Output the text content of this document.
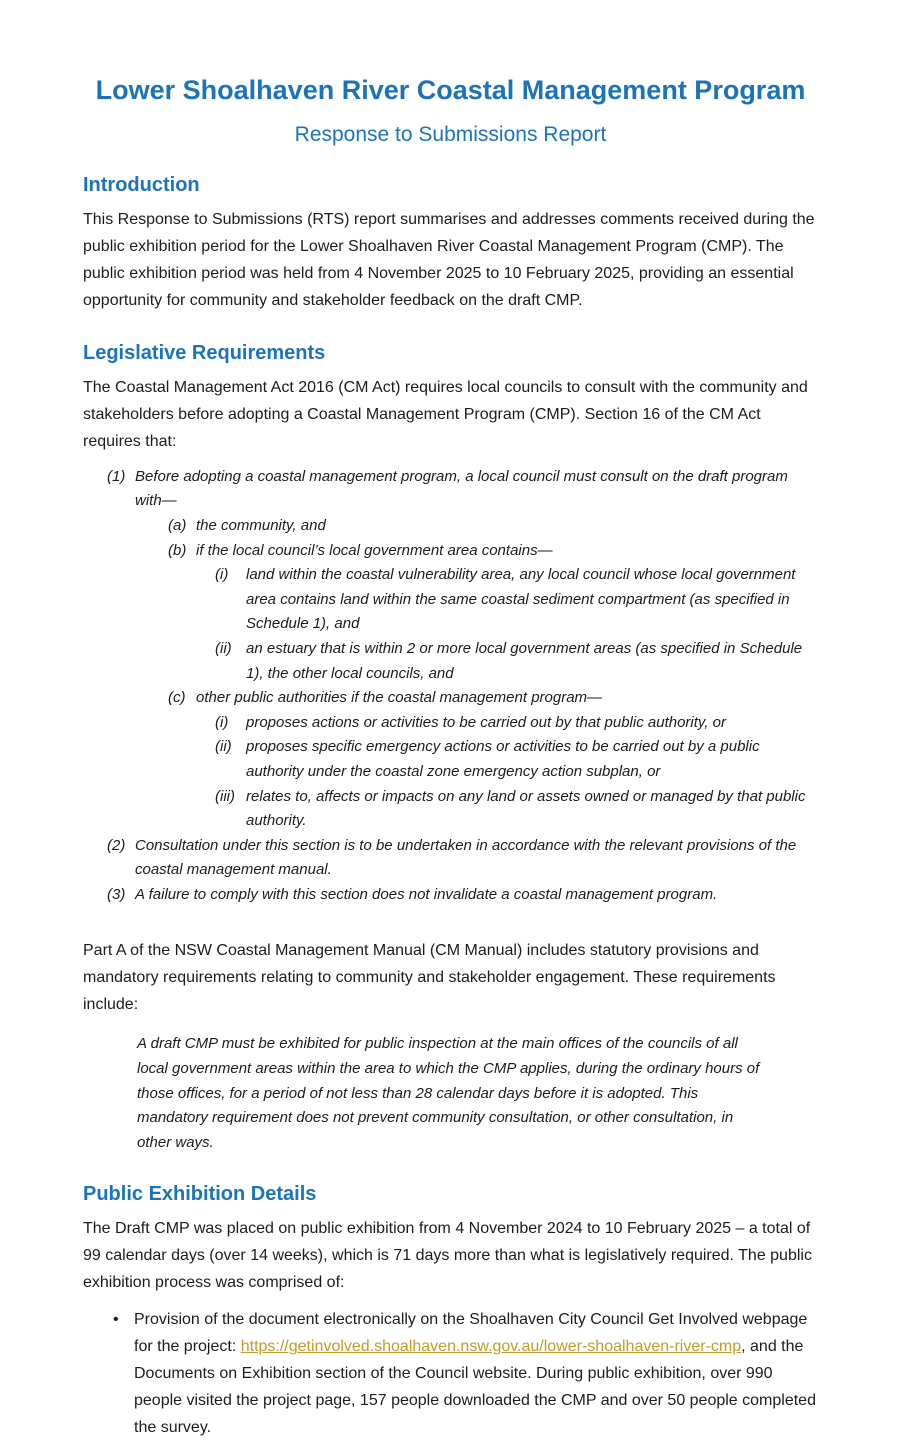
Lower Shoalhaven River Coastal Management Program
Response to Submissions Report
Introduction

This Response to Submissions (RTS) report summarises and addresses comments received during the public exhibition period for the Lower Shoalhaven River Coastal Management Program (CMP). The public exhibition period was held from 4 November 2025 to 10 February 2025, providing an essential opportunity for community and stakeholder feedback on the draft CMP.

Legislative Requirements

The Coastal Management Act 2016 (CM Act) requires local councils to consult with the community and stakeholders before adopting a Coastal Management Program (CMP). Section 16 of the CM Act requires that:

(1) Before adopting a coastal management program, a local council must consult on the draft program with—
(a) the community, and
(b) if the local council’s local government area contains—
(i)	land within the coastal vulnerability area, any local council whose local government area contains land within the same coastal sediment compartment (as specified in Schedule 1), and
(ii) an estuary that is within 2 or more local government areas (as specified in Schedule 1), the other local councils, and
(c) other public authorities if the coastal management program—
(i)	proposes actions or activities to be carried out by that public authority, or
(ii) proposes specific emergency actions or activities to be carried out by a public authority under the coastal zone emergency action subplan, or
(iii) relates to, affects or impacts on any land or assets owned or managed by that public authority.
(2) Consultation under this section is to be undertaken in accordance with the relevant provisions of the coastal management manual.
(3) A failure to comply with this section does not invalidate a coastal management program.

Part A of the NSW Coastal Management Manual (CM Manual) includes statutory provisions and mandatory requirements relating to community and stakeholder engagement. These requirements include:

A draft CMP must be exhibited for public inspection at the main offices of the councils of all local government areas within the area to which the CMP applies, during the ordinary hours of those offices, for a period of not less than 28 calendar days before it is adopted. This mandatory requirement does not prevent community consultation, or other consultation, in other ways.
Public Exhibition Details

The Draft CMP was placed on public exhibition from 4 November 2024 to 10 February 2025 – a total of 99 calendar days (over 14 weeks), which is 71 days more than what is legislatively required. The public exhibition process was comprised of:

• Provision of the document electronically on the Shoalhaven City Council Get Involved webpage for the project: https://getinvolved.shoalhaven.nsw.gov.au/lower-shoalhaven-river-cmp, and the Documents on Exhibition section of the Council website. During public exhibition, over 990 people visited the project page, 157 people downloaded the CMP and over 50 people completed the survey.
